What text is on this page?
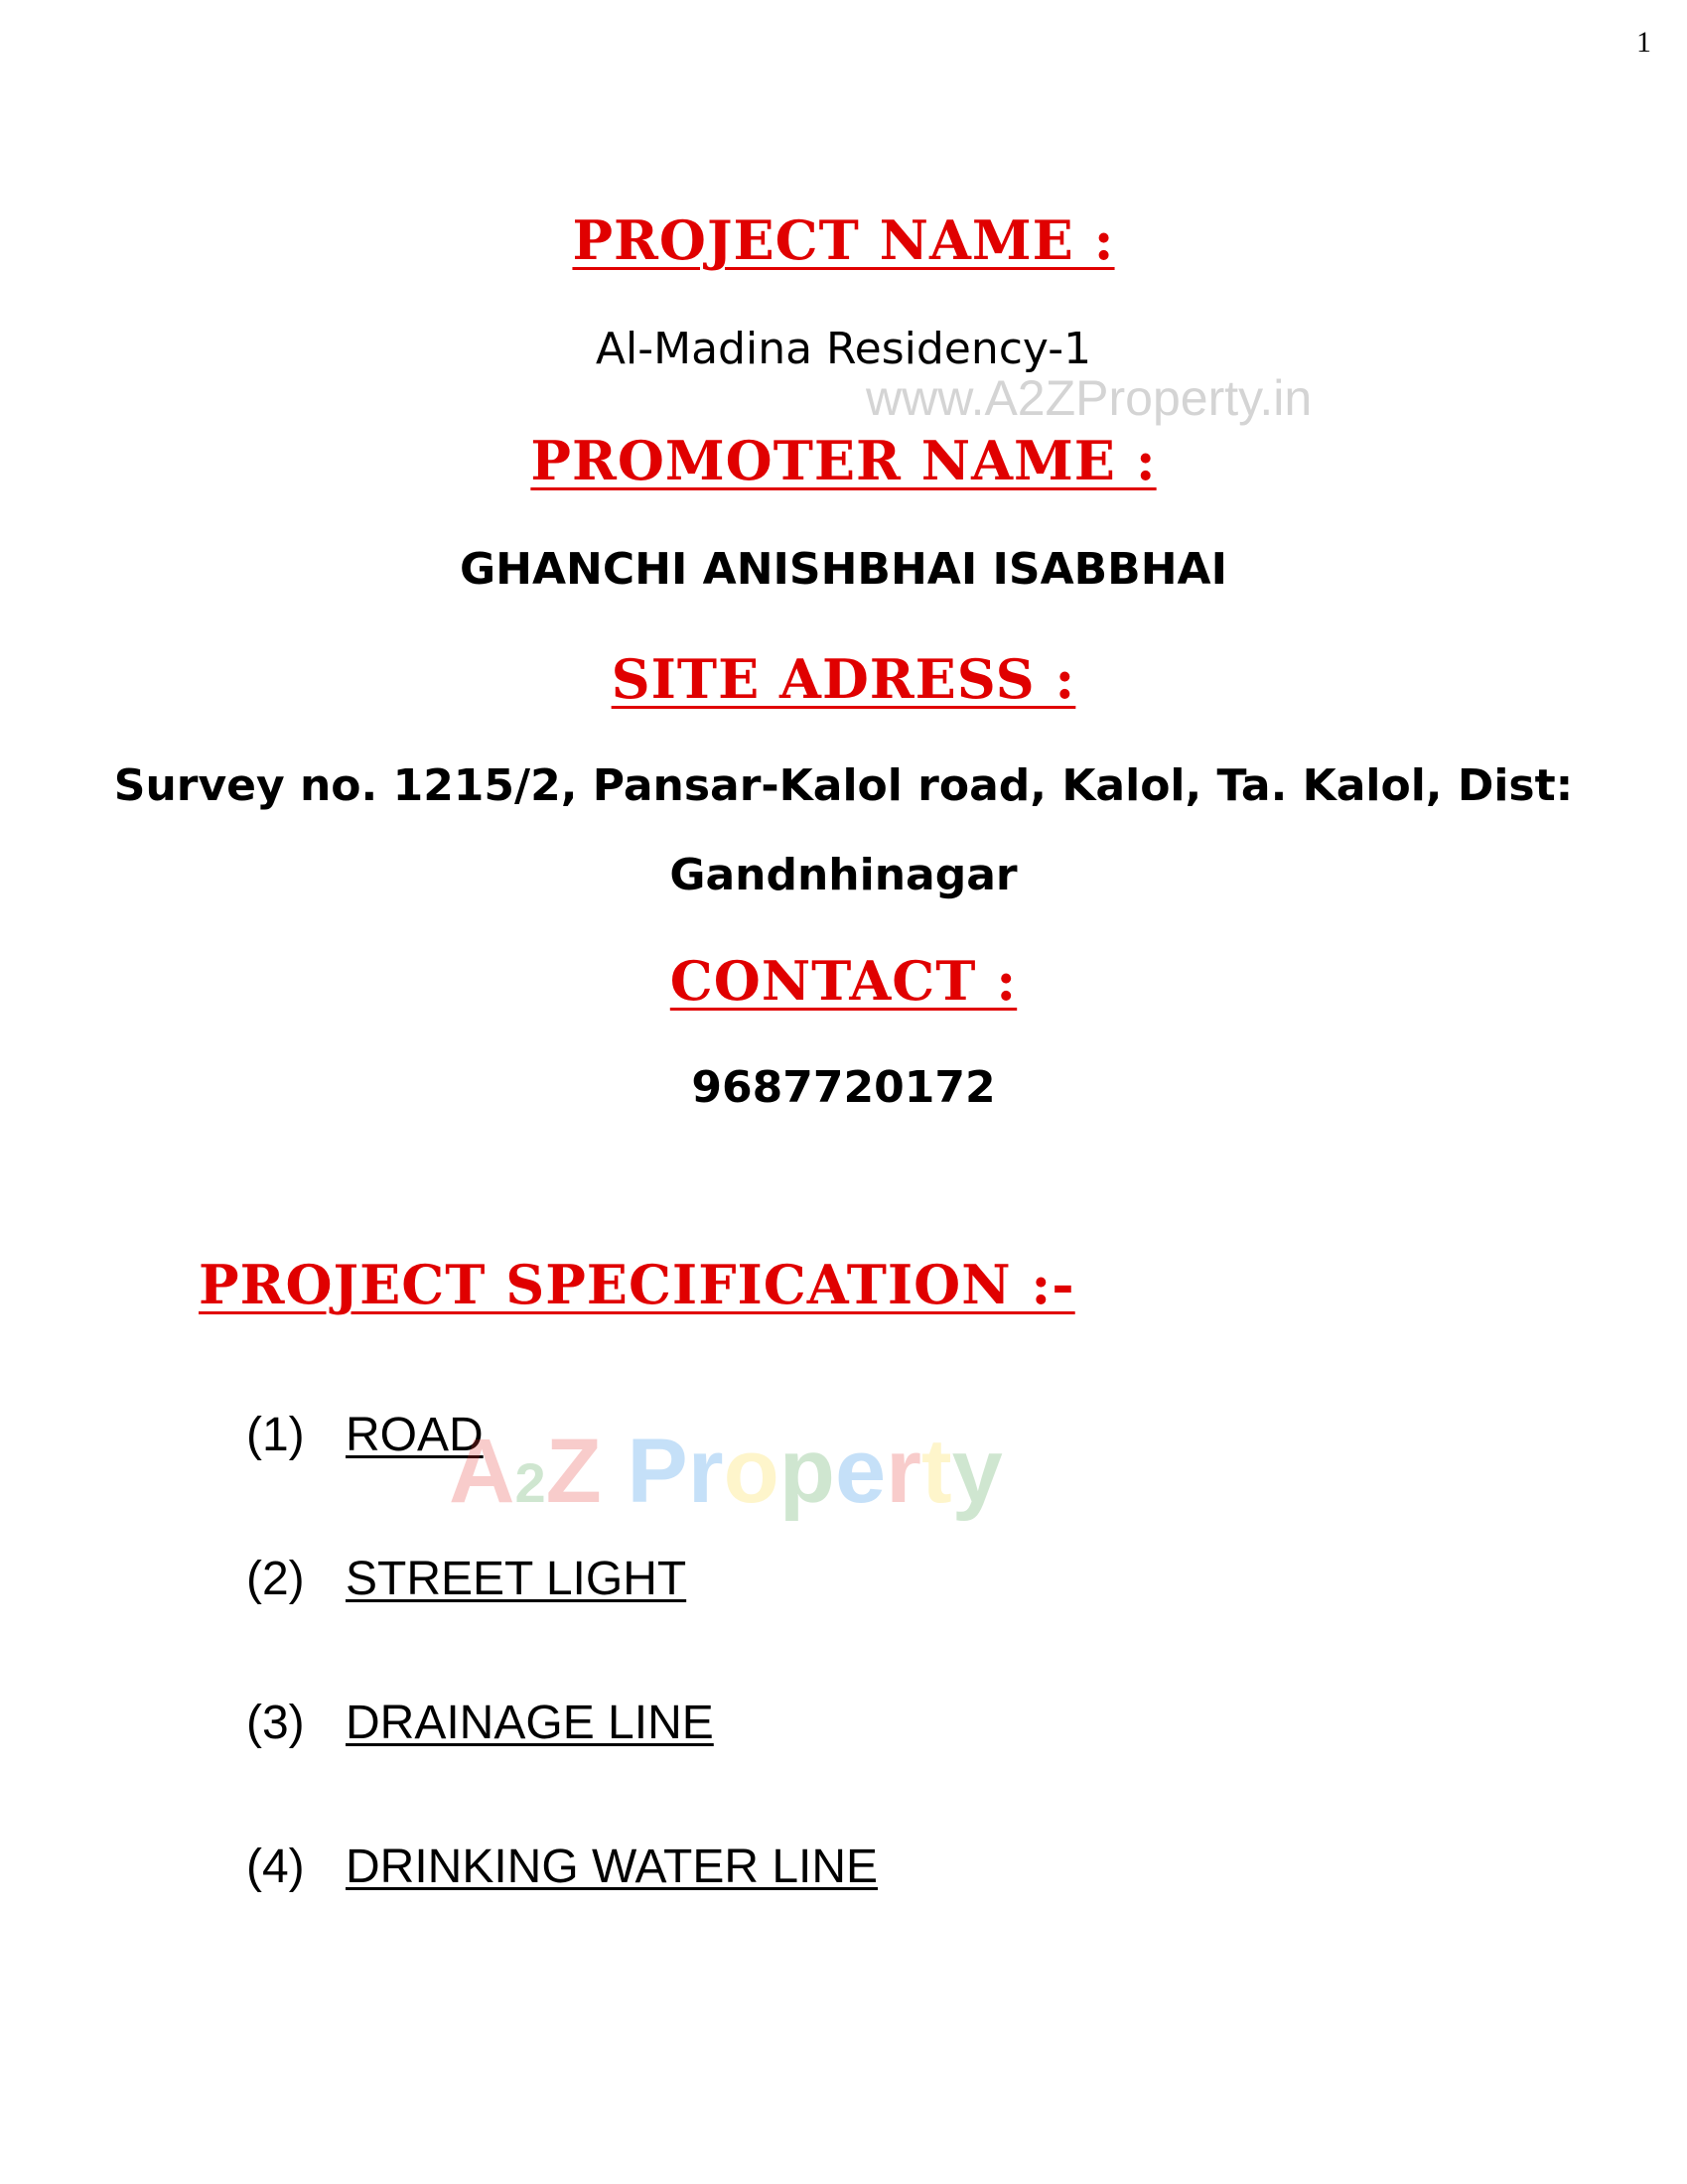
1
PROJECT NAME :
Al-Madina Residency-1
www.A2ZProperty.in
PROMOTER NAME :
GHANCHI ANISHBHAI ISABBHAI
SITE ADRESS :
Survey no. 1215/2, Pansar-Kalol road, Kalol, Ta. Kalol, Dist:
Gandnhinagar
CONTACT :
9687720172
PROJECT SPECIFICATION :-
(1) ROAD
(2) STREET LIGHT
(3) DRAINAGE LINE
(4) DRINKING WATER LINE
A2Z Property
